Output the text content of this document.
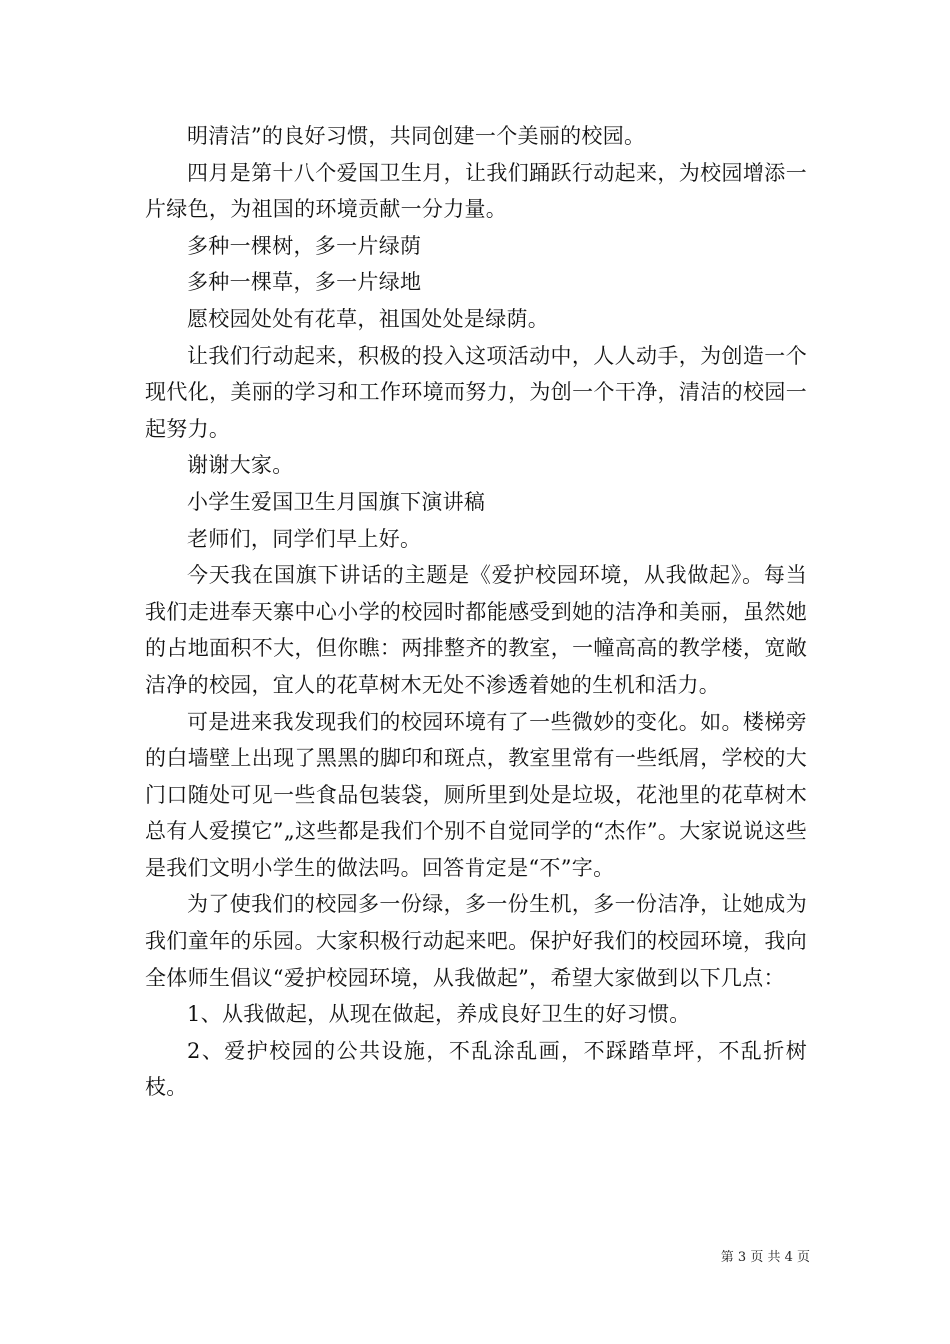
明清洁”的良好习惯，共同创建一个美丽的校园。

四月是第十八个爱国卫生月，让我们踊跃行动起来，为校园增添一片绿色，为祖国的环境贡献一分力量。

多种一棵树，多一片绿荫

多种一棵草，多一片绿地

愿校园处处有花草，祖国处处是绿荫。

让我们行动起来，积极的投入这项活动中，人人动手，为创造一个现代化，美丽的学习和工作环境而努力，为创一个干净，清洁的校园一起努力。

谢谢大家。

小学生爱国卫生月国旗下演讲稿

老师们，同学们早上好。

今天我在国旗下讲话的主题是《爱护校园环境，从我做起》。每当我们走进奉天寨中心小学的校园时都能感受到她的洁净和美丽，虽然她的占地面积不大，但你瞧：两排整齐的教室，一幢高高的教学楼，宽敞洁净的校园，宜人的花草树木无处不渗透着她的生机和活力。

可是进来我发现我们的校园环境有了一些微妙的变化。如。楼梯旁的白墙壁上出现了黑黑的脚印和斑点，教室里常有一些纸屑，学校的大门口随处可见一些食品包装袋，厕所里到处是垃圾，花池里的花草树木总有人爱摸它”„这些都是我们个别不自觉同学的“杰作”。大家说说这些是我们文明小学生的做法吗。回答肯定是“不”字。

为了使我们的校园多一份绿，多一份生机，多一份洁净，让她成为我们童年的乐园。大家积极行动起来吧。保护好我们的校园环境，我向全体师生倡议“爱护校园环境，从我做起”，希望大家做到以下几点：

1、从我做起，从现在做起，养成良好卫生的好习惯。

2、爱护校园的公共设施，不乱涂乱画，不踩踏草坪，不乱折树枝。

第 3 页 共 4 页
